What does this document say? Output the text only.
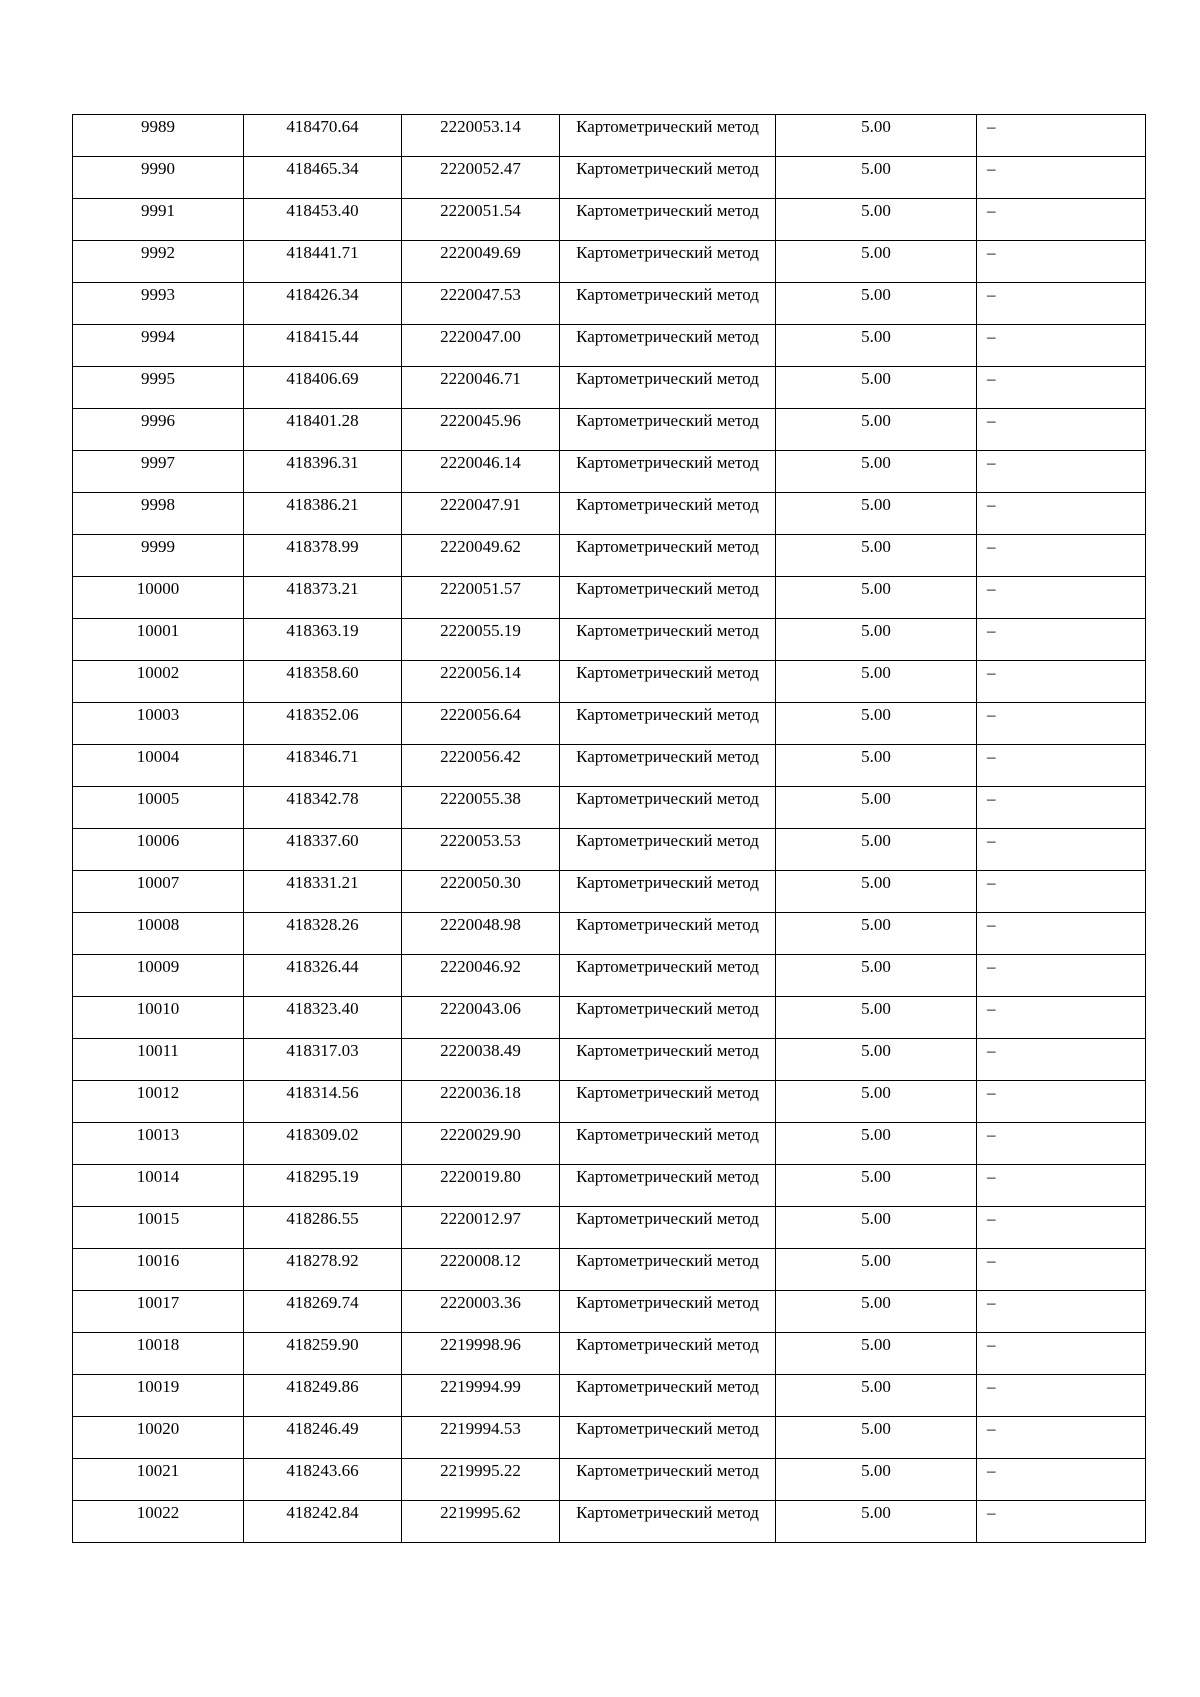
9989	418470.64	2220053.14	Картометрический метод	5.00	–
9990	418465.34	2220052.47	Картометрический метод	5.00	–
9991	418453.40	2220051.54	Картометрический метод	5.00	–
9992	418441.71	2220049.69	Картометрический метод	5.00	–
9993	418426.34	2220047.53	Картометрический метод	5.00	–
9994	418415.44	2220047.00	Картометрический метод	5.00	–
9995	418406.69	2220046.71	Картометрический метод	5.00	–
9996	418401.28	2220045.96	Картометрический метод	5.00	–
9997	418396.31	2220046.14	Картометрический метод	5.00	–
9998	418386.21	2220047.91	Картометрический метод	5.00	–
9999	418378.99	2220049.62	Картометрический метод	5.00	–
10000	418373.21	2220051.57	Картометрический метод	5.00	–
10001	418363.19	2220055.19	Картометрический метод	5.00	–
10002	418358.60	2220056.14	Картометрический метод	5.00	–
10003	418352.06	2220056.64	Картометрический метод	5.00	–
10004	418346.71	2220056.42	Картометрический метод	5.00	–
10005	418342.78	2220055.38	Картометрический метод	5.00	–
10006	418337.60	2220053.53	Картометрический метод	5.00	–
10007	418331.21	2220050.30	Картометрический метод	5.00	–
10008	418328.26	2220048.98	Картометрический метод	5.00	–
10009	418326.44	2220046.92	Картометрический метод	5.00	–
10010	418323.40	2220043.06	Картометрический метод	5.00	–
10011	418317.03	2220038.49	Картометрический метод	5.00	–
10012	418314.56	2220036.18	Картометрический метод	5.00	–
10013	418309.02	2220029.90	Картометрический метод	5.00	–
10014	418295.19	2220019.80	Картометрический метод	5.00	–
10015	418286.55	2220012.97	Картометрический метод	5.00	–
10016	418278.92	2220008.12	Картометрический метод	5.00	–
10017	418269.74	2220003.36	Картометрический метод	5.00	–
10018	418259.90	2219998.96	Картометрический метод	5.00	–
10019	418249.86	2219994.99	Картометрический метод	5.00	–
10020	418246.49	2219994.53	Картометрический метод	5.00	–
10021	418243.66	2219995.22	Картометрический метод	5.00	–
10022	418242.84	2219995.62	Картометрический метод	5.00	–
